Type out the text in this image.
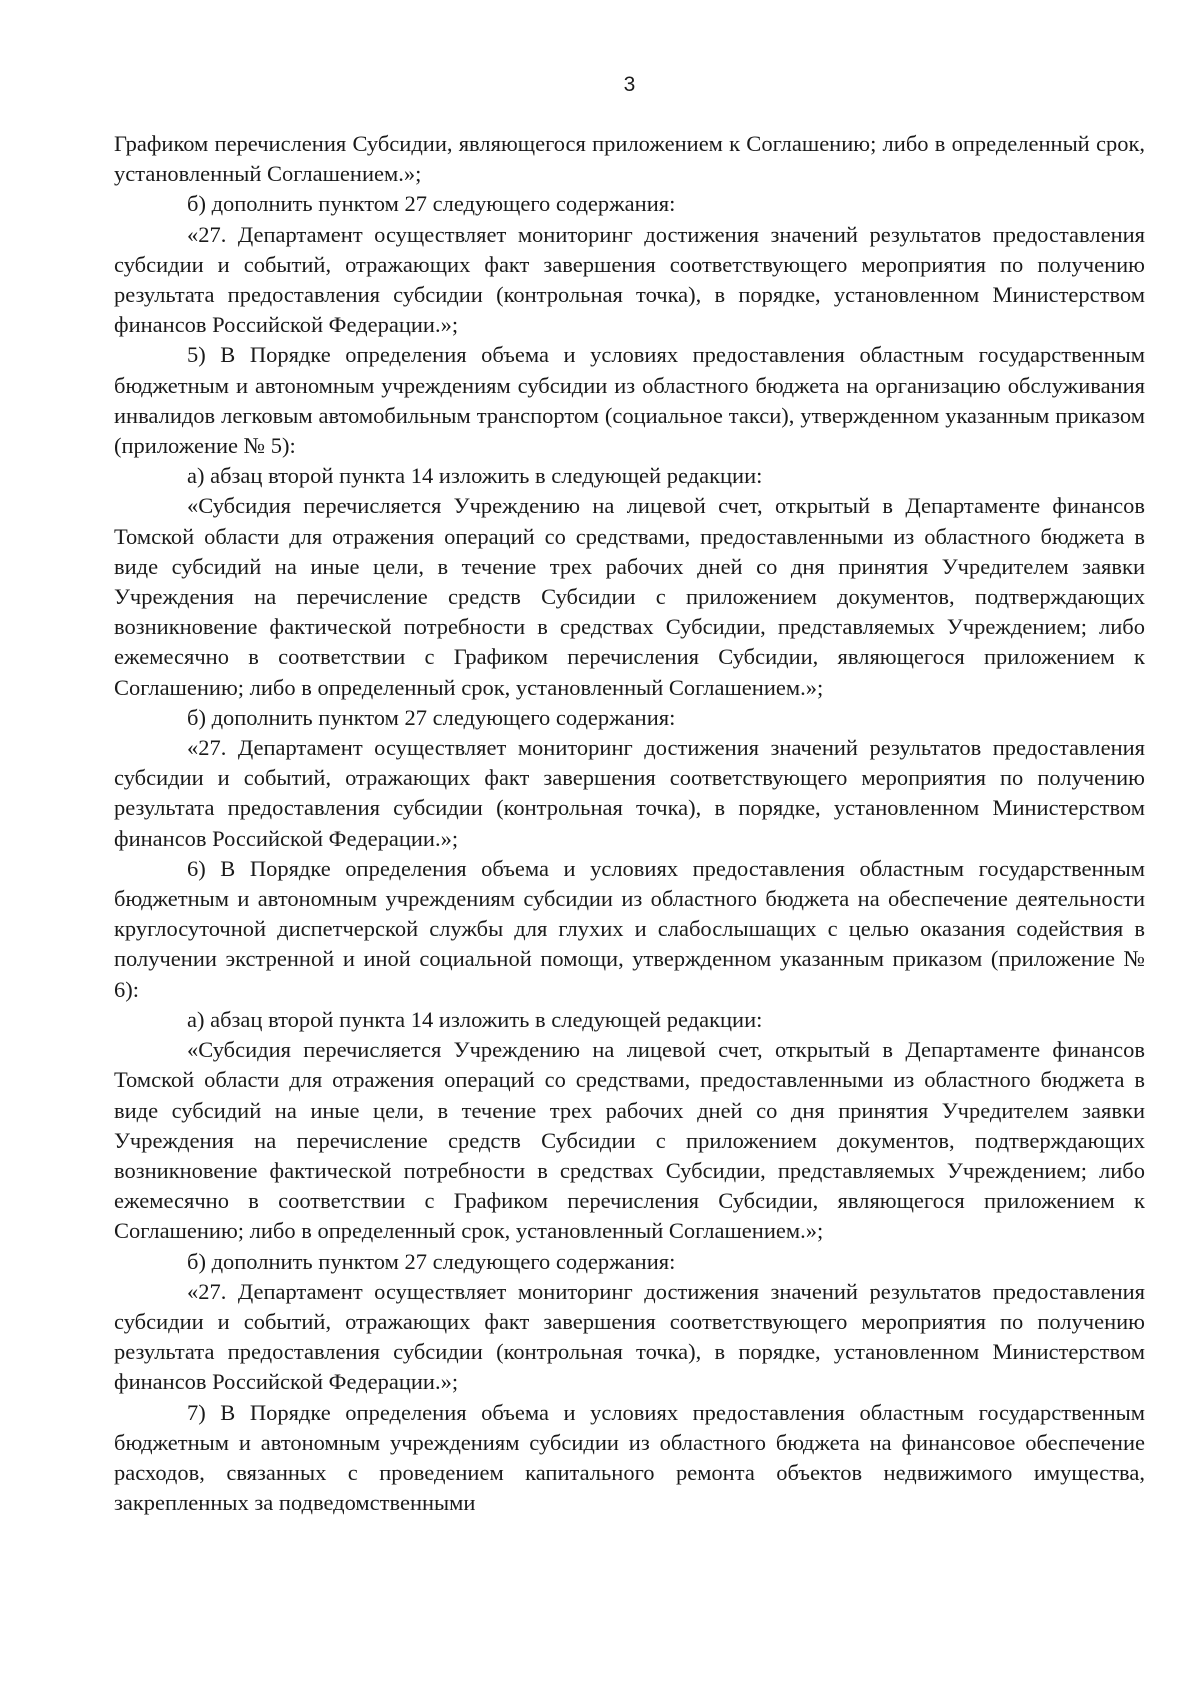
3

Графиком перечисления Субсидии, являющегося приложением к Соглашению; либо в определенный срок, установленный Соглашением.»;

б) дополнить пунктом 27 следующего содержания:

«27. Департамент осуществляет мониторинг достижения значений результатов предоставления субсидии и событий, отражающих факт завершения соответствующего мероприятия по получению результата предоставления субсидии (контрольная точка), в порядке, установленном Министерством финансов Российской Федерации.»;

5) В Порядке определения объема и условиях предоставления областным государственным бюджетным и автономным учреждениям субсидии из областного бюджета на организацию обслуживания инвалидов легковым автомобильным транспортом (социальное такси), утвержденном указанным приказом (приложение № 5):

а) абзац второй пункта 14 изложить в следующей редакции:

«Субсидия перечисляется Учреждению на лицевой счет, открытый в Департаменте финансов Томской области для отражения операций со средствами, предоставленными из областного бюджета в виде субсидий на иные цели, в течение трех рабочих дней со дня принятия Учредителем заявки Учреждения на перечисление средств Субсидии с приложением документов, подтверждающих возникновение фактической потребности в средствах Субсидии, представляемых Учреждением; либо ежемесячно в соответствии с Графиком перечисления Субсидии, являющегося приложением к Соглашению; либо в определенный срок, установленный Соглашением.»;

б) дополнить пунктом 27 следующего содержания:

«27. Департамент осуществляет мониторинг достижения значений результатов предоставления субсидии и событий, отражающих факт завершения соответствующего мероприятия по получению результата предоставления субсидии (контрольная точка), в порядке, установленном Министерством финансов Российской Федерации.»;

6) В Порядке определения объема и условиях предоставления областным государственным бюджетным и автономным учреждениям субсидии из областного бюджета на обеспечение деятельности круглосуточной диспетчерской службы для глухих и слабослышащих с целью оказания содействия в получении экстренной и иной социальной помощи, утвержденном указанным приказом (приложение № 6):

а) абзац второй пункта 14 изложить в следующей редакции:

«Субсидия перечисляется Учреждению на лицевой счет, открытый в Департаменте финансов Томской области для отражения операций со средствами, предоставленными из областного бюджета в виде субсидий на иные цели, в течение трех рабочих дней со дня принятия Учредителем заявки Учреждения на перечисление средств Субсидии с приложением документов, подтверждающих возникновение фактической потребности в средствах Субсидии, представляемых Учреждением; либо ежемесячно в соответствии с Графиком перечисления Субсидии, являющегося приложением к Соглашению; либо в определенный срок, установленный Соглашением.»;

б) дополнить пунктом 27 следующего содержания:

«27. Департамент осуществляет мониторинг достижения значений результатов предоставления субсидии и событий, отражающих факт завершения соответствующего мероприятия по получению результата предоставления субсидии (контрольная точка), в порядке, установленном Министерством финансов Российской Федерации.»;

7) В Порядке определения объема и условиях предоставления областным государственным бюджетным и автономным учреждениям субсидии из областного бюджета на финансовое обеспечение расходов, связанных с проведением капитального ремонта объектов недвижимого имущества, закрепленных за подведомственными
